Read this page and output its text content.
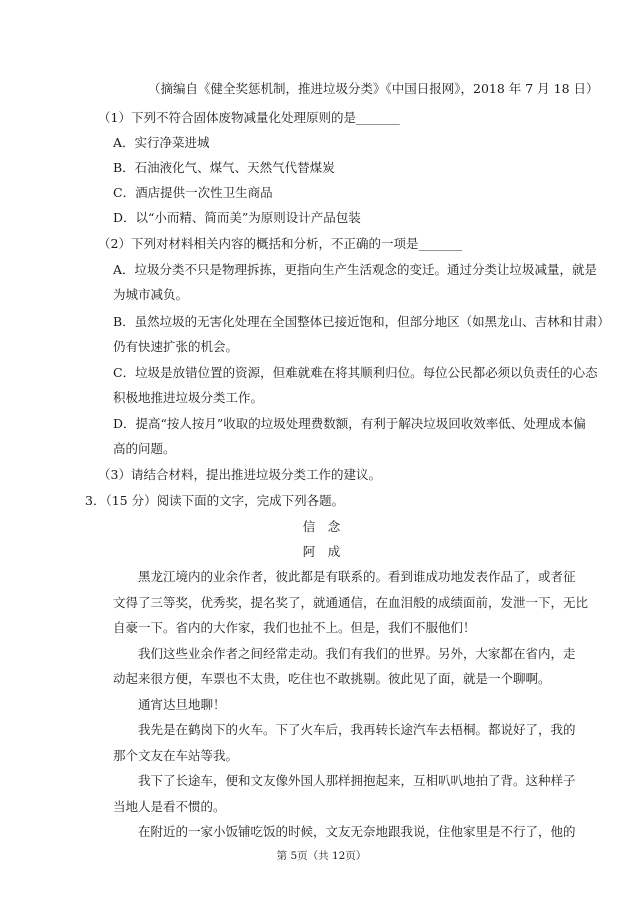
（摘编自《健全奖惩机制，推进垃圾分类》《中国日报网》，2018 年 7 月 18 日）
（1）下列不符合固体废物减量化处理原则的是_______
A．实行净菜进城
B．石油液化气、煤气、天然气代替煤炭
C．酒店提供一次性卫生商品
D．以“小而精、简而美”为原则设计产品包装
（2）下列对材料相关内容的概括和分析，不正确的一项是_______
A．垃圾分类不只是物理拆拣，更指向生产生活观念的变迁。通过分类让垃圾减量，就是
为城市减负。
B．虽然垃圾的无害化处理在全国整体已接近饱和，但部分地区（如黑龙山、吉林和甘肃）
仍有快速扩张的机会。
C．垃圾是放错位置的资源，但难就难在将其顺利归位。每位公民都必须以负责任的心态
积极地推进垃圾分类工作。
D．提高“按人按月”收取的垃圾处理费数额，有利于解决垃圾回收效率低、处理成本偏
高的问题。
（3）请结合材料，提出推进垃圾分类工作的建议。
3．（15 分）阅读下面的文字，完成下列各题。
信　念
阿　成
黑龙江境内的业余作者，彼此都是有联系的。看到谁成功地发表作品了，或者征
文得了三等奖，优秀奖，提名奖了，就通通信，在血泪般的成绩面前，发泄一下，无比
自豪一下。省内的大作家，我们也扯不上。但是，我们不服他们！
我们这些业余作者之间经常走动。我们有我们的世界。另外，大家都在省内，走
动起来很方便，车票也不太贵，吃住也不敢挑剔。彼此见了面，就是一个聊啊。
通宵达旦地聊！
我先是在鹤岗下的火车。下了火车后，我再转长途汽车去梧桐。都说好了，我的
那个文友在车站等我。
我下了长途车，便和文友像外国人那样拥抱起来，互相叭叭地拍了背。这种样子
当地人是看不惯的。
在附近的一家小饭铺吃饭的时候，文友无奈地跟我说，住他家里是不行了，他的
第 5页（共 12页）
